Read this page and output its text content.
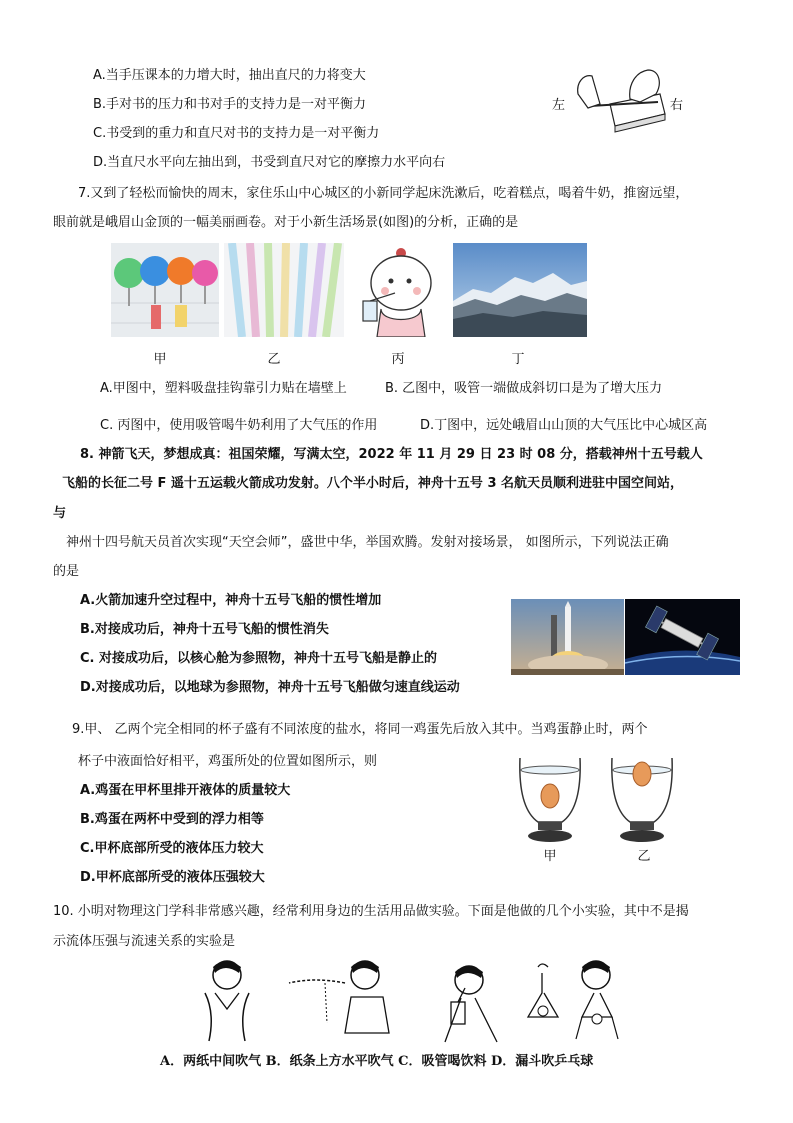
A.当手压课本的力增大时，抽出直尺的力将变大
B.手对书的压力和书对手的支持力是一对平衡力
C.书受到的重力和直尺对书的支持力是一对平衡力
D.当直尺水平向左抽出到，书受到直尺对它的摩擦力水平向右
左	右
7.又到了轻松而愉快的周末，家住乐山中心城区的小新同学起床洗漱后，吃着糕点，喝着牛奶，推窗远望，
眼前就是峨眉山金顶的一幅美丽画卷。对于小新生活场景(如图)的分析，正确的是
甲	乙	丙	丁
A.甲图中，塑料吸盘挂钩靠引力贴在墙壁上	B. 乙图中，吸管一端做成斜切口是为了增大压力
C. 丙图中，使用吸管喝牛奶利用了大气压的作用	D.丁图中，远处峨眉山山顶的大气压比中心城区高
8. 神箭飞天，梦想成真：祖国荣耀，写满太空，2022 年 11 月 29 日 23 时 08 分，搭载神州十五号载人
飞船的长征二号 F 遥十五运载火箭成功发射。八个半小时后，神舟十五号 3 名航天员顺利进驻中国空间站，
与
神州十四号航天员首次实现“天空会师”，盛世中华，举国欢腾。发射对接场景， 如图所示，下列说法正确
的是
A.火箭加速升空过程中，神舟十五号飞船的惯性增加
B.对接成功后，神舟十五号飞船的惯性消失
C. 对接成功后，以核心舱为参照物，神舟十五号飞船是静止的
D.对接成功后，以地球为参照物，神舟十五号飞船做匀速直线运动
9.甲、 乙两个完全相同的杯子盛有不同浓度的盐水，将同一鸡蛋先后放入其中。当鸡蛋静止时，两个
杯子中液面恰好相平，鸡蛋所处的位置如图所示，则
A.鸡蛋在甲杯里排开液体的质量较大
B.鸡蛋在两杯中受到的浮力相等
C.甲杯底部所受的液体压力较大
D.甲杯底部所受的液体压强较大
甲	乙
10. 小明对物理这门学科非常感兴趣，经常利用身边的生活用品做实验。下面是他做的几个小实验，其中不是揭
示流体压强与流速关系的实验是
A．两纸中间吹气 B．纸条上方水平吹气 C．吸管喝饮料 D．漏斗吹乒乓球
